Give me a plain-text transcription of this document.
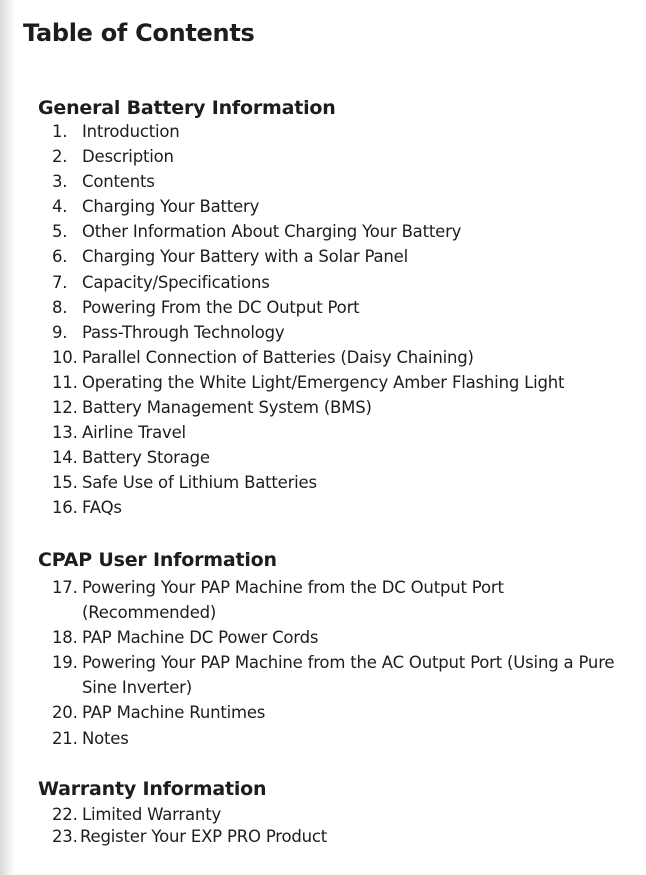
Table of Contents
General Battery Information
1. Introduction
2. Description
3. Contents
4. Charging Your Battery
5. Other Information About Charging Your Battery
6. Charging Your Battery with a Solar Panel
7. Capacity/Specifications
8. Powering From the DC Output Port
9. Pass-Through Technology
10. Parallel Connection of Batteries (Daisy Chaining)
11. Operating the White Light/Emergency Amber Flashing Light
12. Battery Management System (BMS)
13. Airline Travel
14. Battery Storage
15. Safe Use of Lithium Batteries
16. FAQs
CPAP User Information
17. Powering Your PAP Machine from the DC Output Port (Recommended)
18. PAP Machine DC Power Cords
19. Powering Your PAP Machine from the AC Output Port (Using a Pure Sine Inverter)
20. PAP Machine Runtimes
21. Notes
Warranty Information
22. Limited Warranty
23. Register Your EXP PRO Product
